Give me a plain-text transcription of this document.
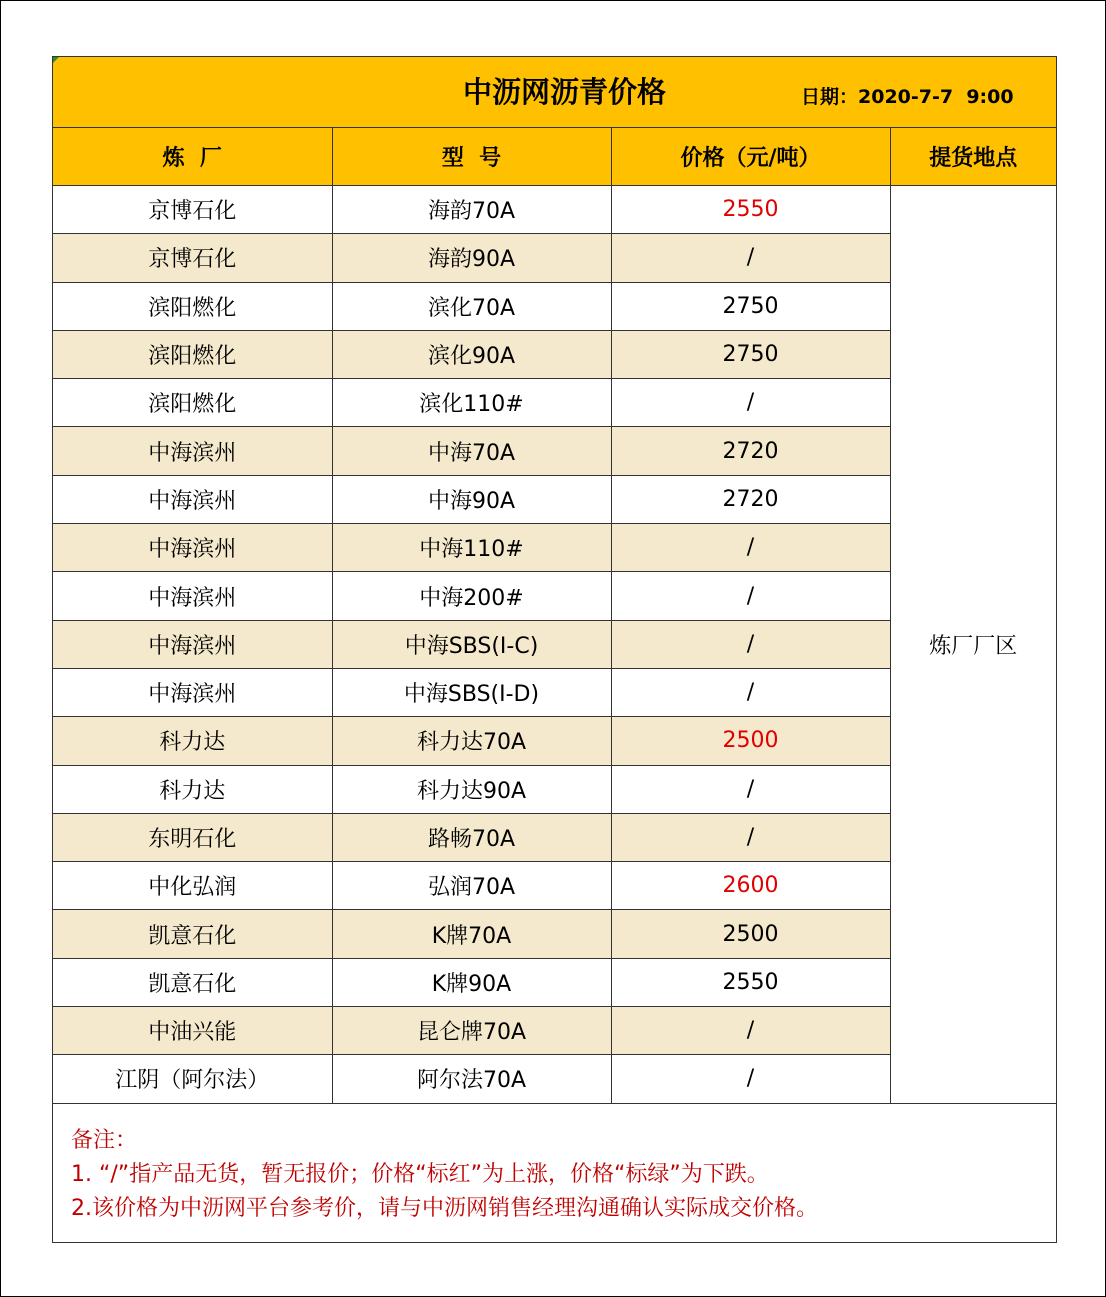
中沥网沥青价格	日期：2020-7-7  9:00
炼  厂	型  号	价格（元/吨）	提货地点
京博石化	海韵70A	2550	炼厂厂区
京博石化	海韵90A	/	
滨阳燃化	滨化70A	2750	
滨阳燃化	滨化90A	2750	
滨阳燃化	滨化110#	/	
中海滨州	中海70A	2720	
中海滨州	中海90A	2720	
中海滨州	中海110#	/	
中海滨州	中海200#	/	
中海滨州	中海SBS(I-C)	/	
中海滨州	中海SBS(I-D)	/	
科力达	科力达70A	2500	
科力达	科力达90A	/	
东明石化	路畅70A	/	
中化弘润	弘润70A	2600	
凯意石化	K牌70A	2500	
凯意石化	K牌90A	2550	
中油兴能	昆仑牌70A	/	
江阴（阿尔法）	阿尔法70A	/	
备注：
1. “/”指产品无货，暂无报价；价格“标红”为上涨，价格“标绿”为下跌。
2.该价格为中沥网平台参考价，请与中沥网销售经理沟通确认实际成交价格。
